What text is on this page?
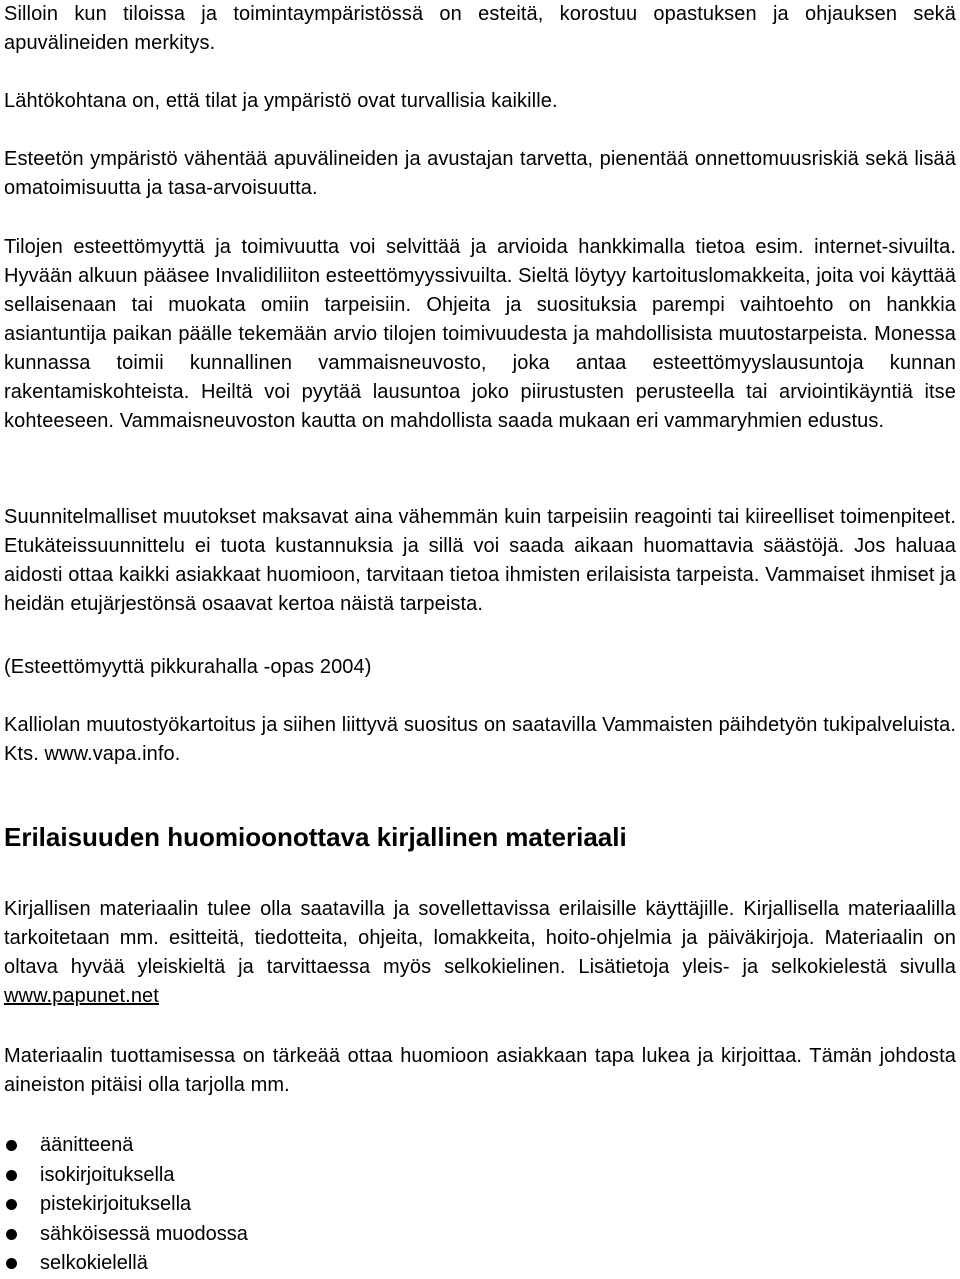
Silloin kun tiloissa ja toimintaympäristössä on esteitä, korostuu opastuksen ja ohjauksen sekä apuvälineiden merkitys.

Lähtökohtana on, että tilat ja ympäristö ovat turvallisia kaikille.

Esteetön ympäristö vähentää apuvälineiden ja avustajan tarvetta, pienentää onnettomuusriskiä sekä lisää omatoimisuutta ja tasa-arvoisuutta.

Tilojen esteettömyyttä ja toimivuutta voi selvittää ja arvioida hankkimalla tietoa esim. internet-sivuilta. Hyvään alkuun pääsee Invalidiliiton esteettömyyssivuilta. Sieltä löytyy kartoituslomakkeita, joita voi käyttää sellaisenaan tai muokata omiin tarpeisiin. Ohjeita ja suosituksia parempi vaihtoehto on hankkia asiantuntija paikan päälle tekemään arvio tilojen toimivuudesta ja mahdollisista muutostarpeista. Monessa kunnassa toimii kunnallinen vammaisneuvosto, joka antaa esteettömyyslausuntoja kunnan rakentamiskohteista. Heiltä voi pyytää lausuntoa joko piirustusten perusteella tai arviointikäyntiä itse kohteeseen. Vammaisneuvoston kautta on mahdollista saada mukaan eri vammaryhmien edustus.

Suunnitelmalliset muutokset maksavat aina vähemmän kuin tarpeisiin reagointi tai kiireelliset toimenpiteet. Etukäteissuunnittelu ei tuota kustannuksia ja sillä voi saada aikaan huomattavia säästöjä. Jos haluaa aidosti ottaa kaikki asiakkaat huomioon, tarvitaan tietoa ihmisten erilaisista tarpeista. Vammaiset ihmiset ja heidän etujärjestönsä osaavat kertoa näistä tarpeista.

(Esteettömyyttä pikkurahalla -opas 2004)

Kalliolan muutostyökartoitus ja siihen liittyvä suositus on saatavilla Vammaisten päihdetyön tukipalveluista. Kts. www.vapa.info.

Erilaisuuden huomioonottava kirjallinen materiaali

Kirjallisen materiaalin tulee olla saatavilla ja sovellettavissa erilaisille käyttäjille. Kirjallisella materiaalilla tarkoitetaan mm. esitteitä, tiedotteita, ohjeita, lomakkeita, hoito-ohjelmia ja päiväkirjoja. Materiaalin on oltava hyvää yleiskieltä ja tarvittaessa myös selkokielinen. Lisätietoja yleis- ja selkokielestä sivulla www.papunet.net

Materiaalin tuottamisessa on tärkeää ottaa huomioon asiakkaan tapa lukea ja kirjoittaa. Tämän johdosta aineiston pitäisi olla tarjolla mm.

äänitteenä
isokirjoituksella
pistekirjoituksella
sähköisessä muodossa
selkokielellä
